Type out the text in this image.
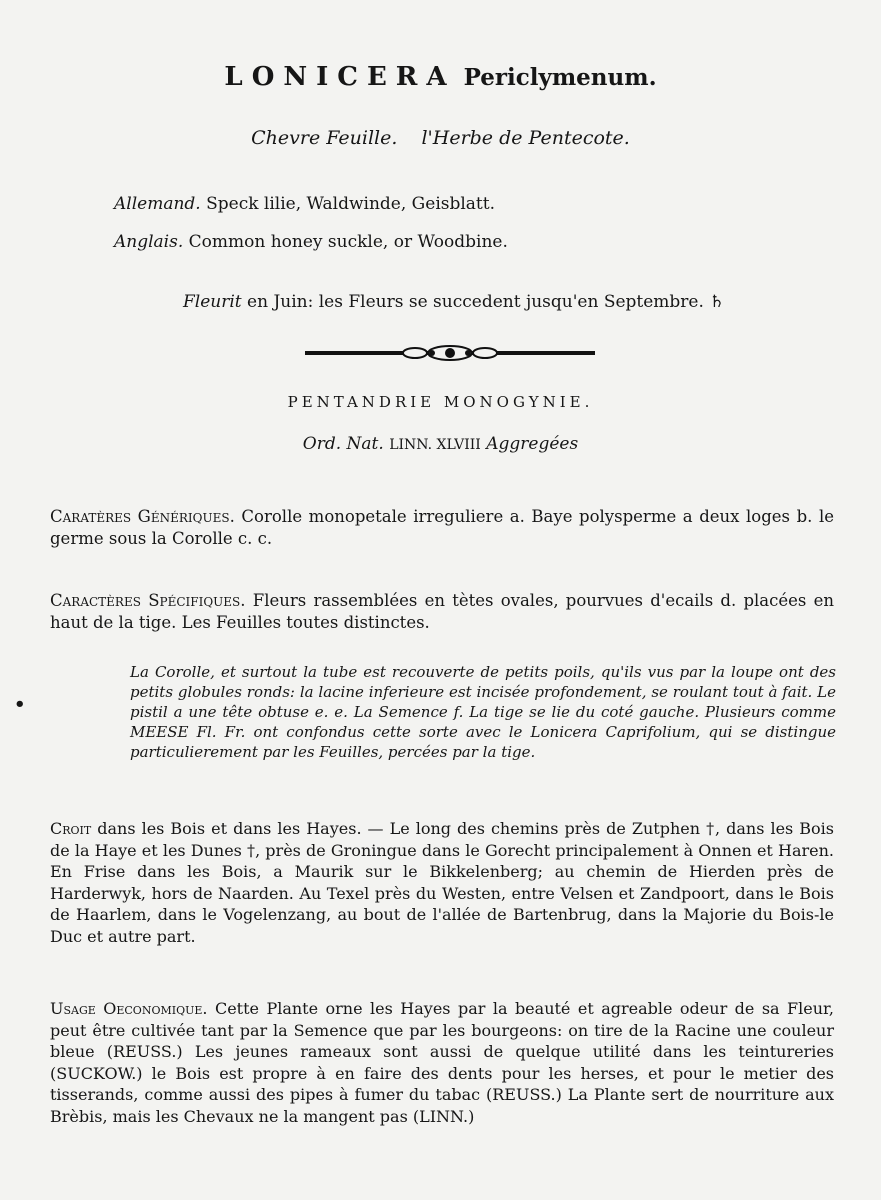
LONICERA Periclymenum.
Chevre Feuille. l'Herbe de Pentecote.
Allemand. Speck lilie, Waldwinde, Geisblatt.
Anglais. Common honey suckle, or Woodbine.
Fleurit en Juin: les Fleurs se succedent jusqu'en Septembre. ♄
PENTANDRIE MONOGYNIE.
Ord. Nat. LINN. XLVIII Aggregées
Caratères Génériques. Corolle monopetale irreguliere a. Baye polysperme a deux loges b. le germe sous la Corolle c. c.
Caractères Spécifiques. Fleurs rassemblées en tètes ovales, pourvues d'ecails d. placées en haut de la tige. Les Feuilles toutes distinctes.
La Corolle, et surtout la tube est recouverte de petits poils, qu'ils vus par la loupe ont des petits globules ronds: la lacine inferieure est incisée profondement, se roulant tout à fait. Le pistil a une tête obtuse e. e. La Semence f. La tige se lie du coté gauche. Plusieurs comme MEESE Fl. Fr. ont confondus cette sorte avec le Lonicera Caprifolium, qui se distingue particulierement par les Feuilles, percées par la tige.
Croit dans les Bois et dans les Hayes. — Le long des chemins près de Zutphen †, dans les Bois de la Haye et les Dunes †, près de Groningue dans le Gorecht principalement à Onnen et Haren. En Frise dans les Bois, a Maurik sur le Bikkelenberg; au chemin de Hierden près de Harderwyk, hors de Naarden. Au Texel près du Westen, entre Velsen et Zandpoort, dans le Bois de Haarlem, dans le Vogelenzang, au bout de l'allée de Bartenbrug, dans la Majorie du Bois-le Duc et autre part.
Usage Oeconomique. Cette Plante orne les Hayes par la beauté et agreable odeur de sa Fleur, peut être cultivée tant par la Semence que par les bourgeons: on tire de la Racine une couleur bleue (REUSS.) Les jeunes rameaux sont aussi de quelque utilité dans les teintureries (SUCKOW.) le Bois est propre à en faire des dents pour les herses, et pour le metier des tisserands, comme aussi des pipes à fumer du tabac (REUSS.) La Plante sert de nourriture aux Brèbis, mais les Chevaux ne la mangent pas (LINN.)
•
